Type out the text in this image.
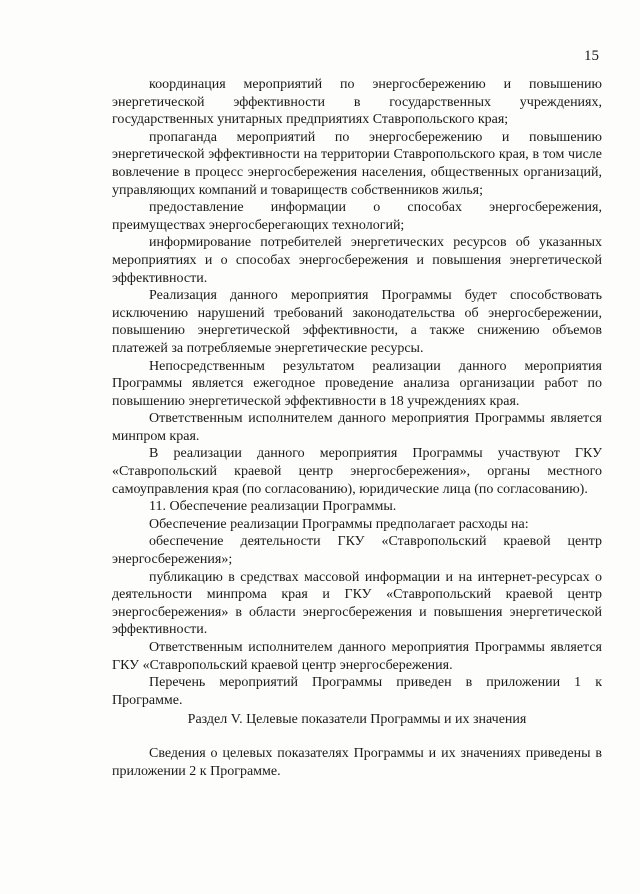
15

координация мероприятий по энергосбережению и повышению энергетической эффективности в государственных учреждениях, государственных унитарных предприятиях Ставропольского края;

пропаганда мероприятий по энергосбережению и повышению энергетической эффективности на территории Ставропольского края, в том числе вовлечение в процесс энергосбережения населения, общественных организаций, управляющих компаний и товариществ собственников жилья;

предоставление информации о способах энергосбережения, преимуществах энергосберегающих технологий;

информирование потребителей энергетических ресурсов об указанных мероприятиях и о способах энергосбережения и повышения энергетической эффективности.

Реализация данного мероприятия Программы будет способствовать исключению нарушений требований законодательства об энергосбережении, повышению энергетической эффективности, а также снижению объемов платежей за потребляемые энергетические ресурсы.

Непосредственным результатом реализации данного мероприятия Программы является ежегодное проведение анализа организации работ по повышению энергетической эффективности в 18 учреждениях края.

Ответственным исполнителем данного мероприятия Программы является минпром края.

В реализации данного мероприятия Программы участвуют ГКУ «Ставропольский краевой центр энергосбережения», органы местного самоуправления края (по согласованию), юридические лица (по согласованию).

11. Обеспечение реализации Программы.

Обеспечение реализации Программы предполагает расходы на:

обеспечение деятельности ГКУ «Ставропольский краевой центр энергосбережения»;

публикацию в средствах массовой информации и на интернет-ресурсах о деятельности минпрома края и ГКУ «Ставропольский краевой центр энергосбережения» в области энергосбережения и повышения энергетической эффективности.

Ответственным исполнителем данного мероприятия Программы является ГКУ «Ставропольский краевой центр энергосбережения.

Перечень мероприятий Программы приведен в приложении 1 к Программе.

Раздел V. Целевые показатели Программы и их значения

Сведения о целевых показателях Программы и их значениях приведены в приложении 2 к Программе.
